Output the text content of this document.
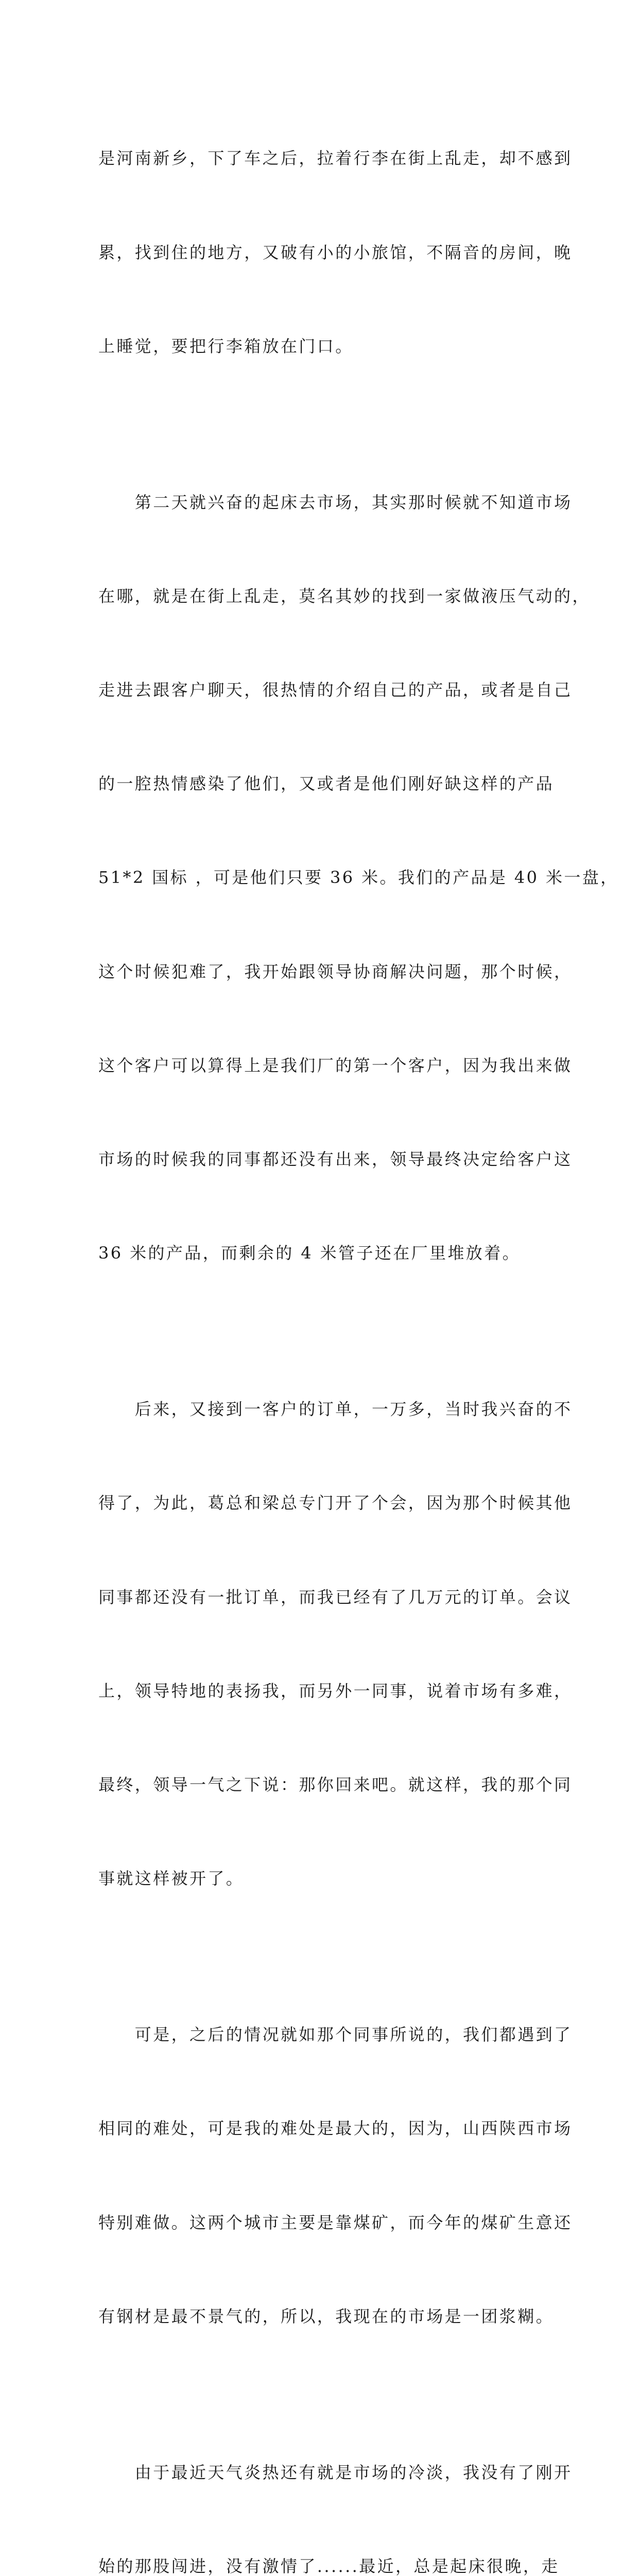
是河南新乡，下了车之后，拉着行李在街上乱走，却不感到

累，找到住的地方，又破有小的小旅馆，不隔音的房间，晚

上睡觉，要把行李箱放在门口。

　　第二天就兴奋的起床去市场，其实那时候就不知道市场

在哪，就是在街上乱走，莫名其妙的找到一家做液压气动的，

走进去跟客户聊天，很热情的介绍自己的产品，或者是自己

的一腔热情感染了他们，又或者是他们刚好缺这样的产品

51*2 国标 ，可是他们只要 36 米。我们的产品是 40 米一盘，

这个时候犯难了，我开始跟领导协商解决问题，那个时候，

这个客户可以算得上是我们厂的第一个客户，因为我出来做

市场的时候我的同事都还没有出来，领导最终决定给客户这

36 米的产品，而剩余的 4 米管子还在厂里堆放着。

　　后来，又接到一客户的订单，一万多，当时我兴奋的不

得了，为此，葛总和梁总专门开了个会，因为那个时候其他

同事都还没有一批订单，而我已经有了几万元的订单。会议

上，领导特地的表扬我，而另外一同事，说着市场有多难，

最终，领导一气之下说：那你回来吧。就这样，我的那个同

事就这样被开了。

　　可是，之后的情况就如那个同事所说的，我们都遇到了

相同的难处，可是我的难处是最大的，因为，山西陕西市场

特别难做。这两个城市主要是靠煤矿，而今年的煤矿生意还

有钢材是最不景气的，所以，我现在的市场是一团浆糊。

　　由于最近天气炎热还有就是市场的冷淡，我没有了刚开

始的那股闯进，没有激情了......最近，总是起床很晚，走
